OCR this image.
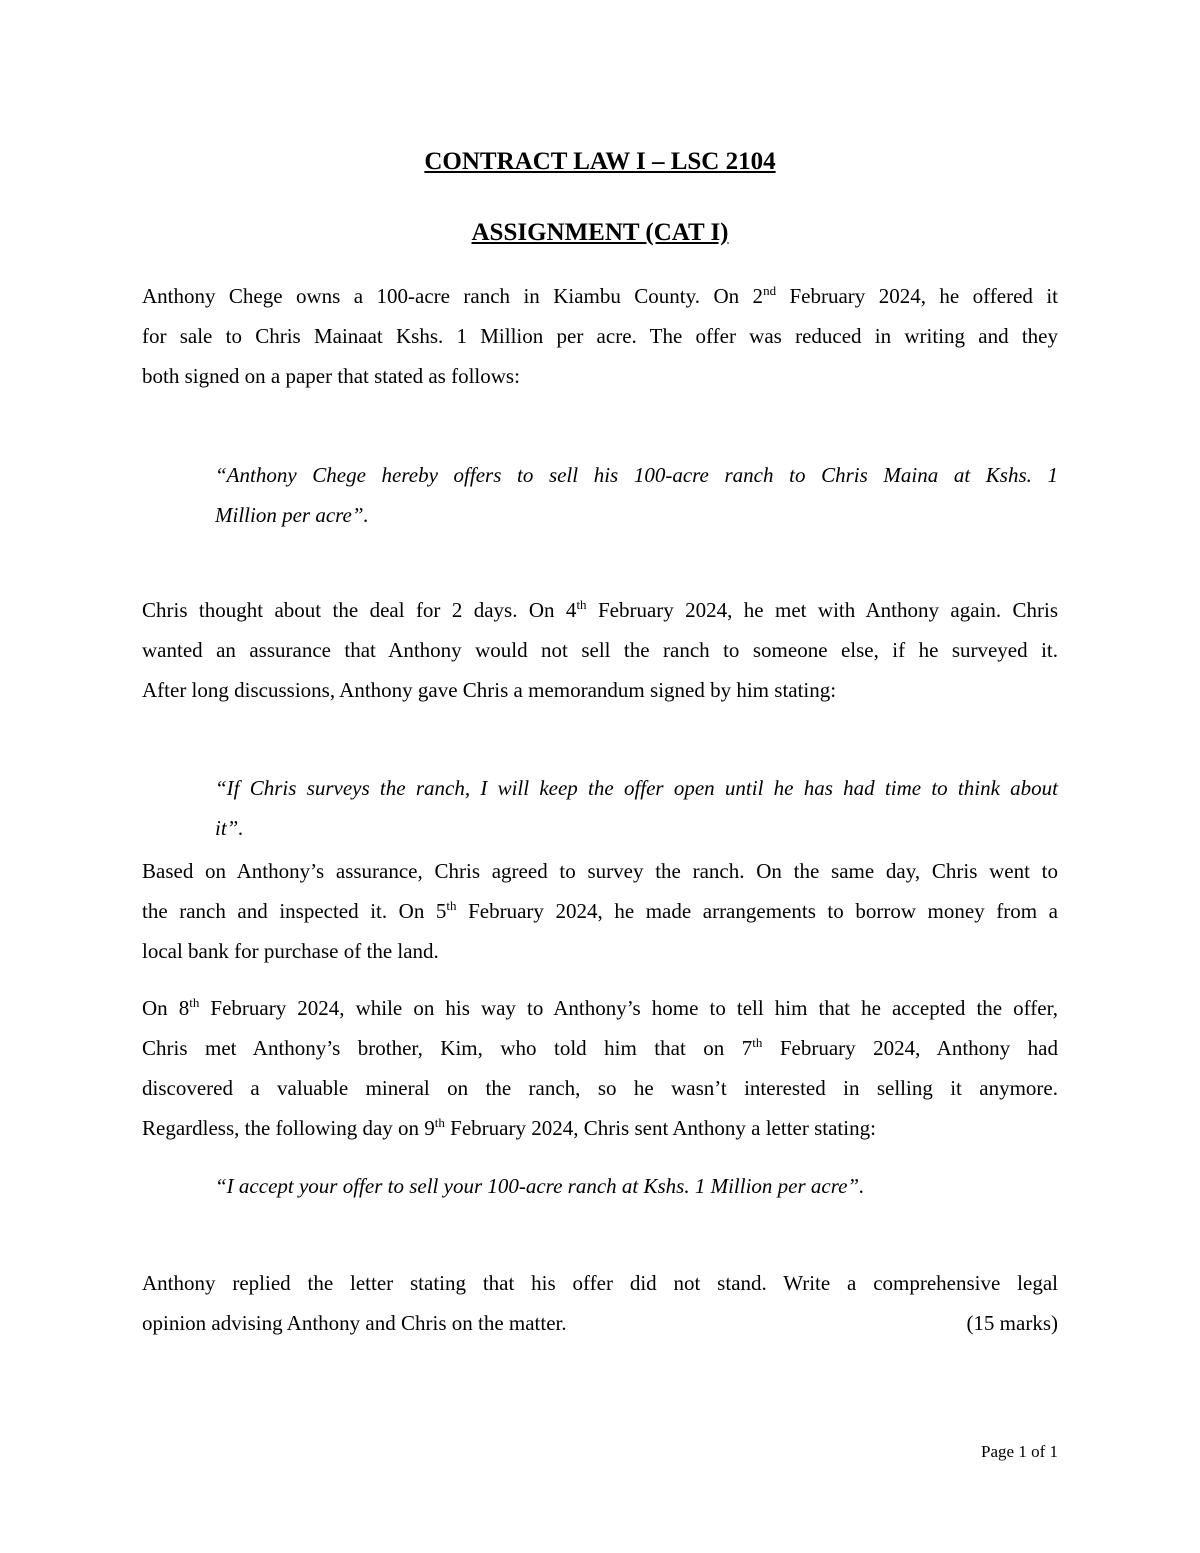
CONTRACT LAW I – LSC 2104
ASSIGNMENT (CAT I)
Anthony Chege owns a 100-acre ranch in Kiambu County. On 2nd February 2024, he offered it
for sale to Chris Mainaat Kshs. 1 Million per acre. The offer was reduced in writing and they
both signed on a paper that stated as follows:
“Anthony Chege hereby offers to sell his 100-acre ranch to Chris Maina at Kshs. 1
Million per acre”.
Chris thought about the deal for 2 days. On 4th February 2024, he met with Anthony again. Chris
wanted an assurance that Anthony would not sell the ranch to someone else, if he surveyed it.
After long discussions, Anthony gave Chris a memorandum signed by him stating:
“If Chris surveys the ranch, I will keep the offer open until he has had time to think about
it”.
Based on Anthony’s assurance, Chris agreed to survey the ranch. On the same day, Chris went to
the ranch and inspected it. On 5th February 2024, he made arrangements to borrow money from a
local bank for purchase of the land.
On 8th February 2024, while on his way to Anthony’s home to tell him that he accepted the offer,
Chris met Anthony’s brother, Kim, who told him that on 7th February 2024, Anthony had
discovered a valuable mineral on the ranch, so he wasn’t interested in selling it anymore.
Regardless, the following day on 9th February 2024, Chris sent Anthony a letter stating:
“I accept your offer to sell your 100-acre ranch at Kshs. 1 Million per acre”.
Anthony replied the letter stating that his offer did not stand. Write a comprehensive legal
opinion advising Anthony and Chris on the matter.	(15 marks)

Page 1 of 1
